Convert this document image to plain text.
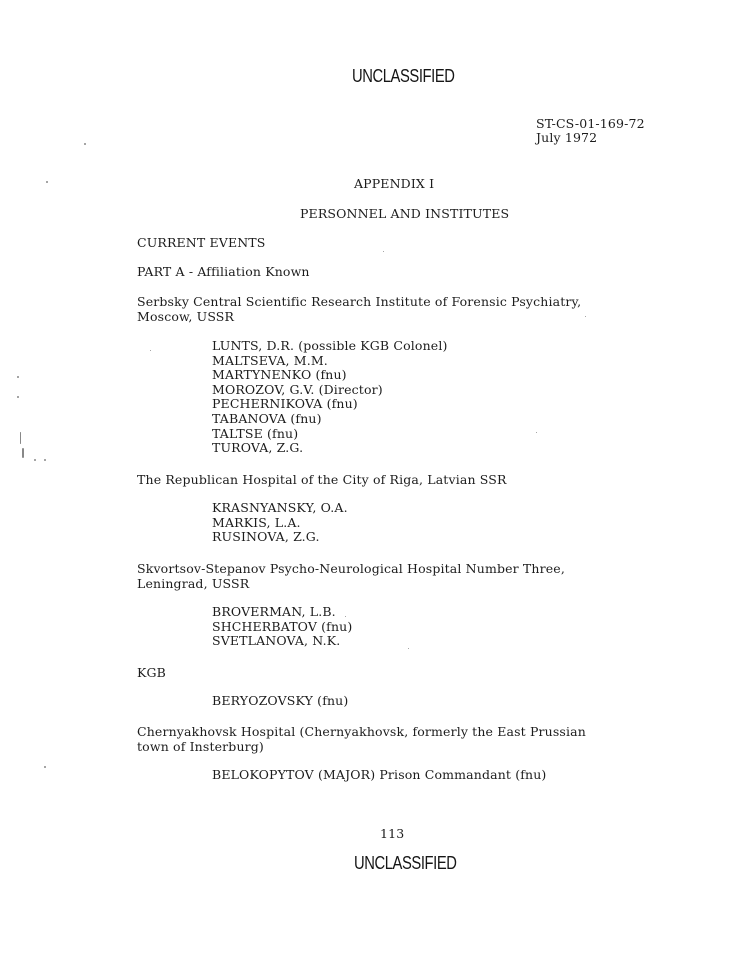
UNCLASSIFIED
ST-CS-01-169-72
July 1972
APPENDIX I
PERSONNEL AND INSTITUTES
CURRENT EVENTS
PART A - Affiliation Known
Serbsky Central Scientific Research Institute of Forensic Psychiatry,
Moscow, USSR
LUNTS, D.R. (possible KGB Colonel)
MALTSEVA, M.M.
MARTYNENKO (fnu)
MOROZOV, G.V. (Director)
PECHERNIKOVA (fnu)
TABANOVA (fnu)
TALTSE (fnu)
TUROVA, Z.G.
The Republican Hospital of the City of Riga, Latvian SSR
KRASNYANSKY, O.A.
MARKIS, L.A.
RUSINOVA, Z.G.
Skvortsov-Stepanov Psycho-Neurological Hospital Number Three,
Leningrad, USSR
BROVERMAN, L.B.
SHCHERBATOV (fnu)
SVETLANOVA, N.K.
KGB
BERYOZOVSKY (fnu)
Chernyakhovsk Hospital (Chernyakhovsk, formerly the East Prussian
town of Insterburg)
BELOKOPYTOV (MAJOR) Prison Commandant (fnu)
113
UNCLASSIFIED
